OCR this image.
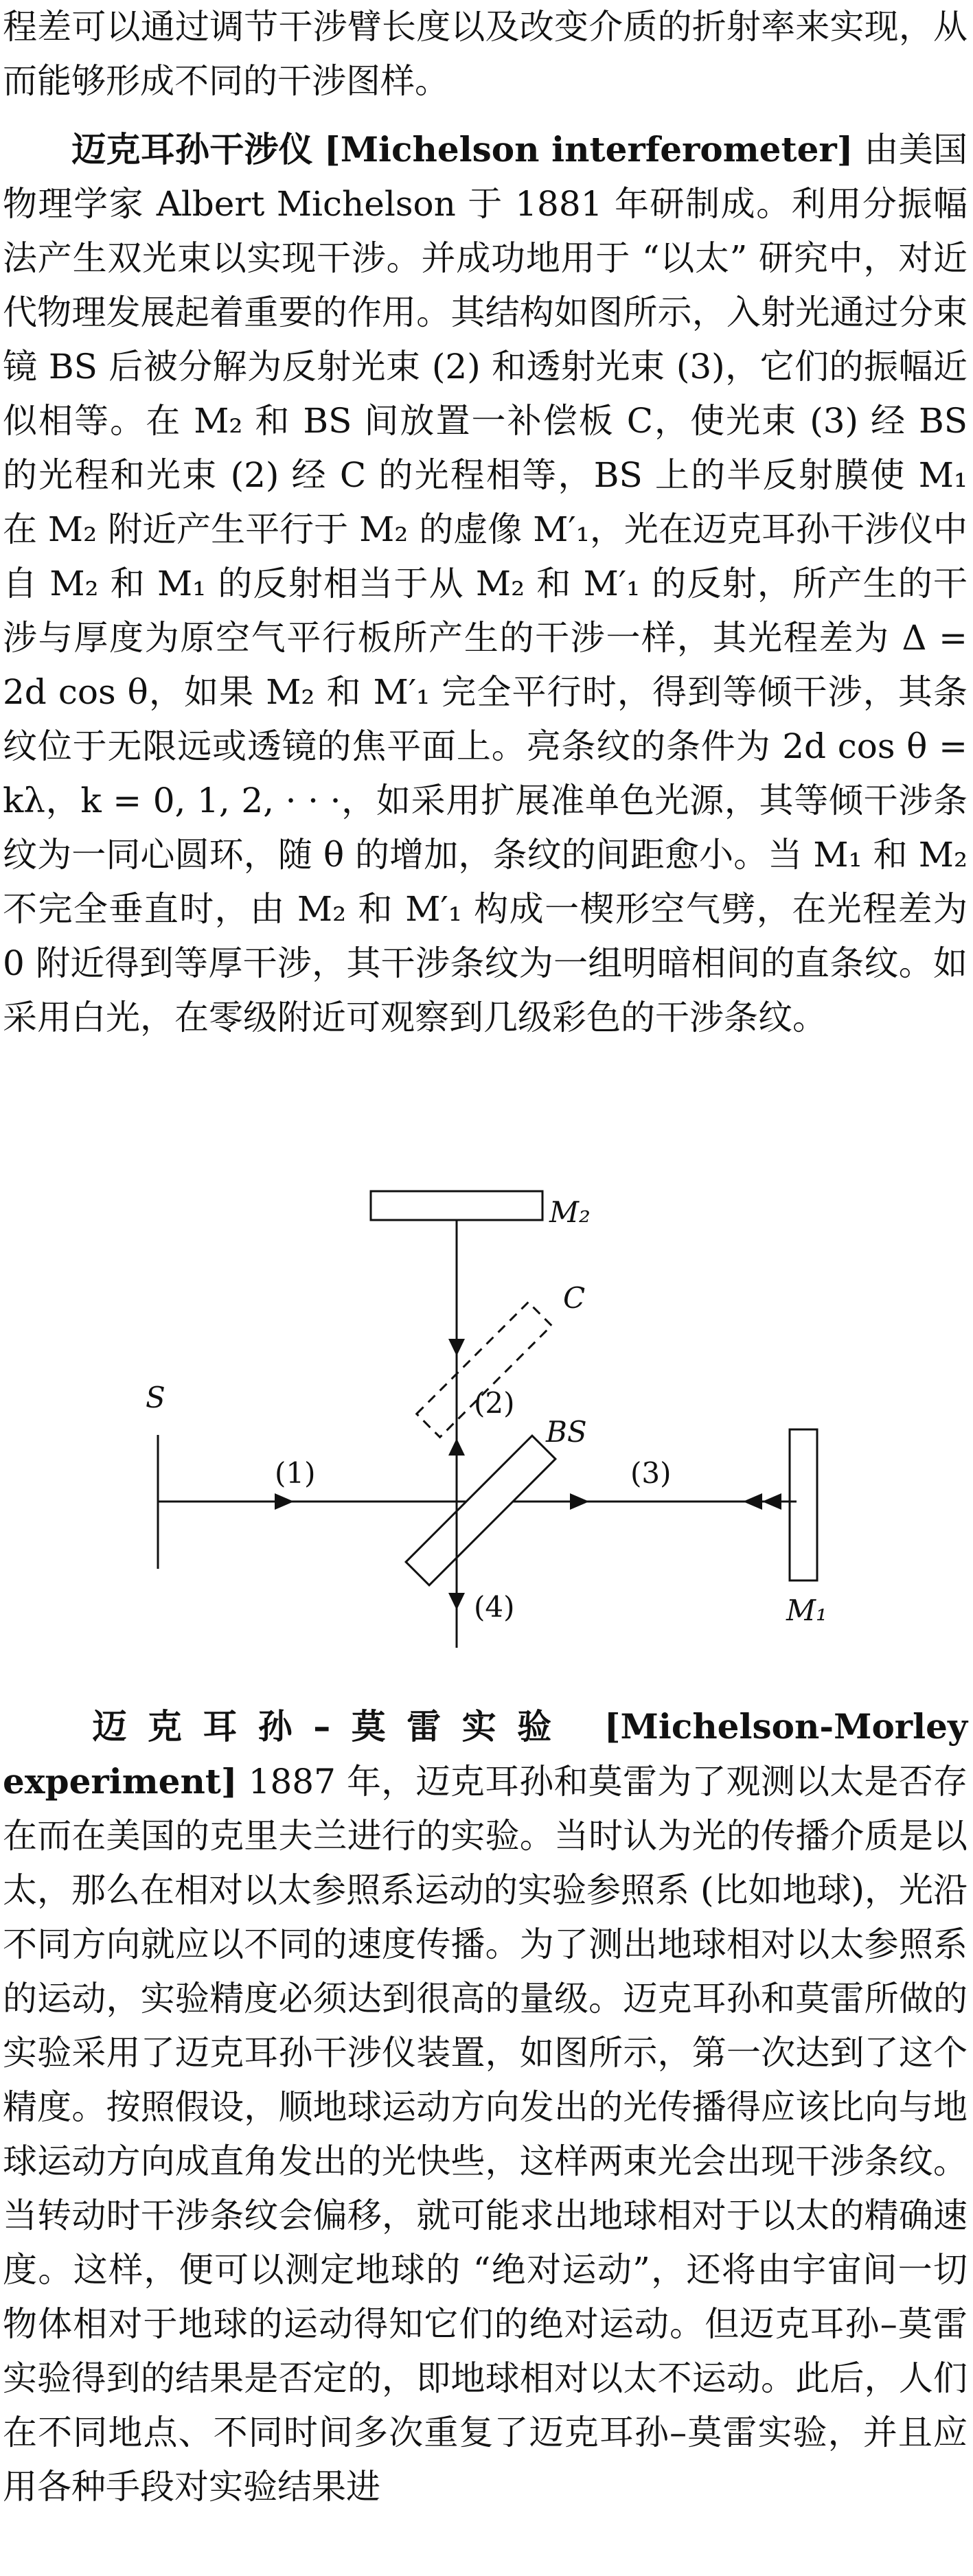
程差可以通过调节干涉臂长度以及改变介质的折射率来实现，从而能够形成不同的干涉图样。

迈克耳孙干涉仪 [Michelson interferometer] 由美国物理学家 Albert Michelson 于 1881 年研制成。利用分振幅法产生双光束以实现干涉。并成功地用于 “以太” 研究中，对近代物理发展起着重要的作用。其结构如图所示，入射光通过分束镜 BS 后被分解为反射光束 (2) 和透射光束 (3)，它们的振幅近似相等。在 M₂ 和 BS 间放置一补偿板 C，使光束 (3) 经 BS 的光程和光束 (2) 经 C 的光程相等，BS 上的半反射膜使 M₁ 在 M₂ 附近产生平行于 M₂ 的虚像 M′₁，光在迈克耳孙干涉仪中自 M₂ 和 M₁ 的反射相当于从 M₂ 和 M′₁ 的反射，所产生的干涉与厚度为原空气平行板所产生的干涉一样，其光程差为 Δ = 2d cos θ，如果 M₂ 和 M′₁ 完全平行时，得到等倾干涉，其条纹位于无限远或透镜的焦平面上。亮条纹的条件为 2d cos θ = kλ，k = 0, 1, 2, · · ·，如采用扩展准单色光源，其等倾干涉条纹为一同心圆环，随 θ 的增加，条纹的间距愈小。当 M₁ 和 M₂ 不完全垂直时，由 M₂ 和 M′₁ 构成一楔形空气劈，在光程差为 0 附近得到等厚干涉，其干涉条纹为一组明暗相间的直条纹。如采用白光，在零级附近可观察到几级彩色的干涉条纹。

M₂
C
S
BS
M₁
(1)
(2)
(3)
(4)

迈克耳孙–莫雷实验 [Michelson-Morley experiment] 1887 年，迈克耳孙和莫雷为了观测以太是否存在而在美国的克里夫兰进行的实验。当时认为光的传播介质是以太，那么在相对以太参照系运动的实验参照系 (比如地球)，光沿不同方向就应以不同的速度传播。为了测出地球相对以太参照系的运动，实验精度必须达到很高的量级。迈克耳孙和莫雷所做的实验采用了迈克耳孙干涉仪装置，如图所示，第一次达到了这个精度。按照假设，顺地球运动方向发出的光传播得应该比向与地球运动方向成直角发出的光快些，这样两束光会出现干涉条纹。当转动时干涉条纹会偏移，就可能求出地球相对于以太的精确速度。这样，便可以测定地球的 “绝对运动”，还将由宇宙间一切物体相对于地球的运动得知它们的绝对运动。但迈克耳孙–莫雷实验得到的结果是否定的，即地球相对以太不运动。此后，人们在不同地点、不同时间多次重复了迈克耳孙–莫雷实验，并且应用各种手段对实验结果进
